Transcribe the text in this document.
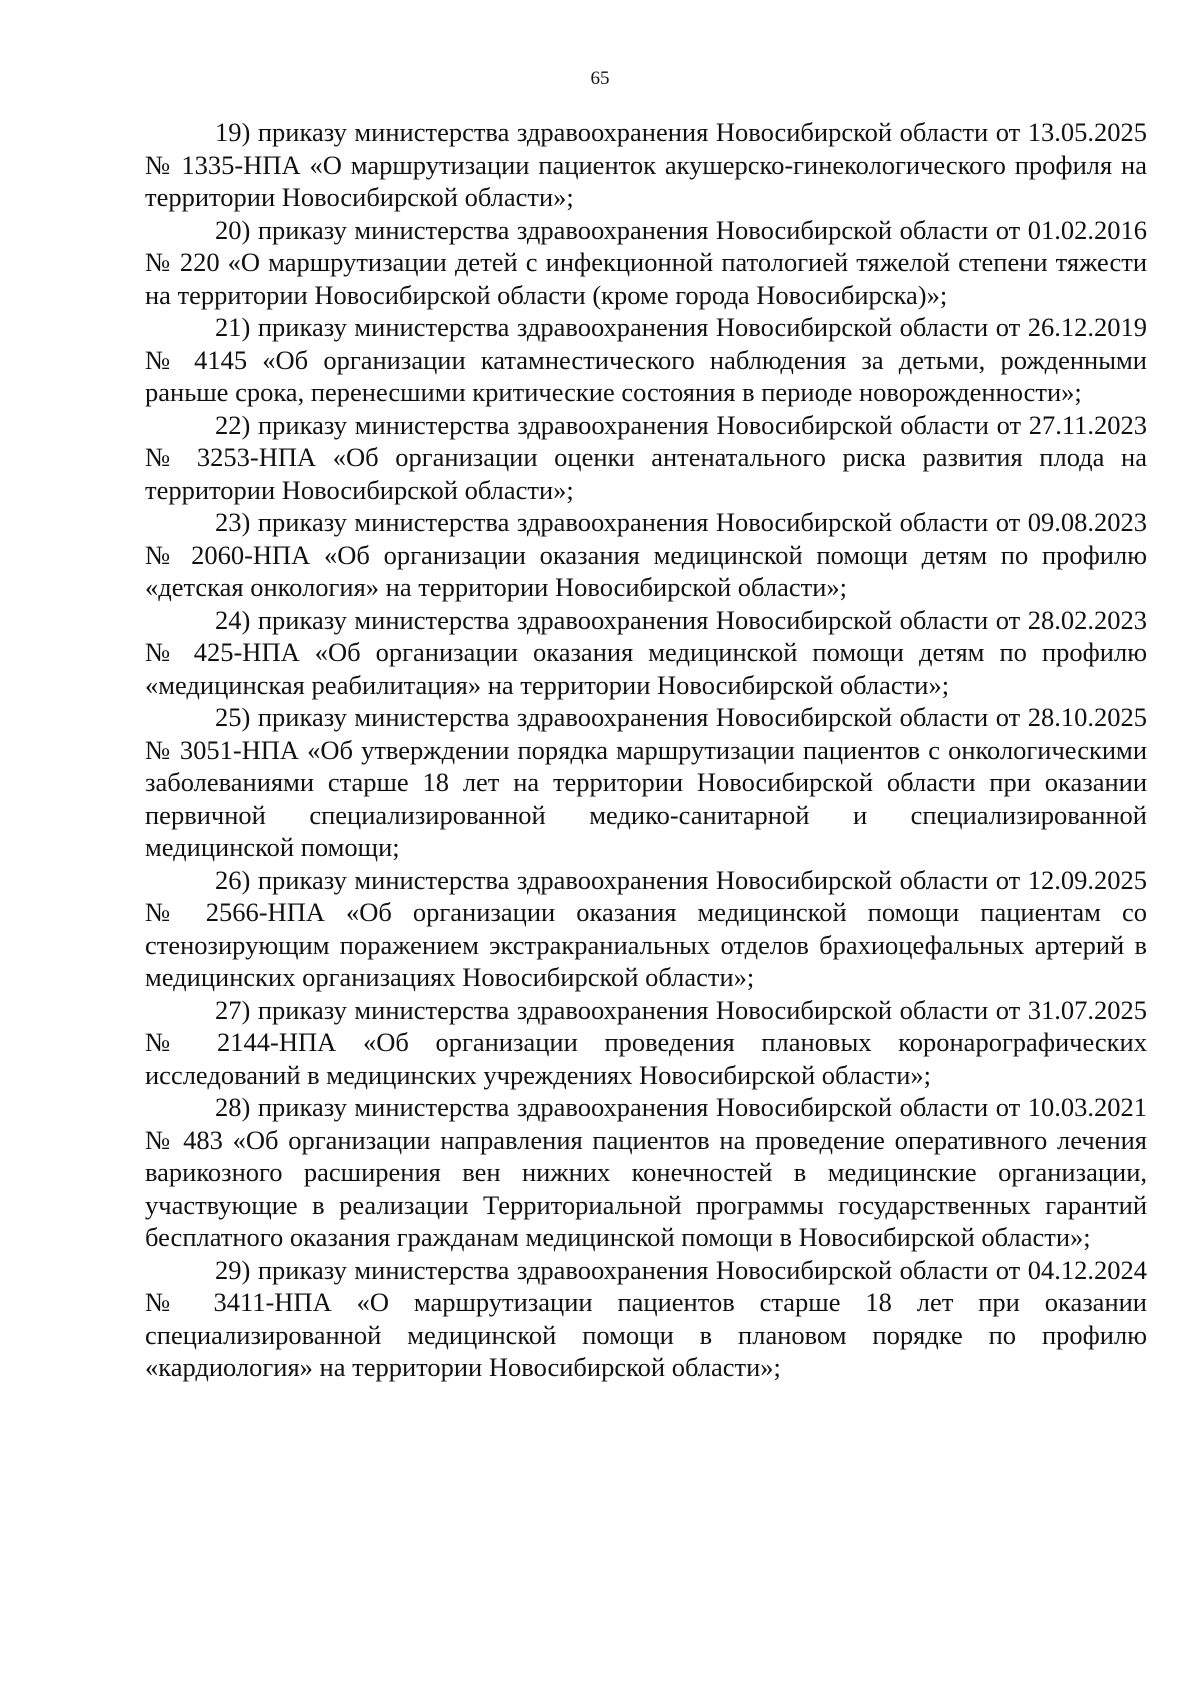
65

19) приказу министерства здравоохранения Новосибирской области от 13.05.2025 № 1335-НПА «О маршрутизации пациенток акушерско-гинекологического профиля на территории Новосибирской области»;

20) приказу министерства здравоохранения Новосибирской области от 01.02.2016 № 220 «О маршрутизации детей с инфекционной патологией тяжелой степени тяжести на территории Новосибирской области (кроме города Новосибирска)»;

21) приказу министерства здравоохранения Новосибирской области от 26.12.2019 № 4145 «Об организации катамнестического наблюдения за детьми, рожденными раньше срока, перенесшими критические состояния в периоде новорожденности»;

22) приказу министерства здравоохранения Новосибирской области от 27.11.2023 № 3253-НПА «Об организации оценки антенатального риска развития плода на территории Новосибирской области»;

23) приказу министерства здравоохранения Новосибирской области от 09.08.2023 № 2060-НПА «Об организации оказания медицинской помощи детям по профилю «детская онкология» на территории Новосибирской области»;

24) приказу министерства здравоохранения Новосибирской области от 28.02.2023 № 425-НПА «Об организации оказания медицинской помощи детям по профилю «медицинская реабилитация» на территории Новосибирской области»;

25) приказу министерства здравоохранения Новосибирской области от 28.10.2025 № 3051-НПА «Об утверждении порядка маршрутизации пациентов с онкологическими заболеваниями старше 18 лет на территории Новосибирской области при оказании первичной специализированной медико-санитарной и специализированной медицинской помощи;

26) приказу министерства здравоохранения Новосибирской области от 12.09.2025 № 2566-НПА «Об организации оказания медицинской помощи пациентам со стенозирующим поражением экстракраниальных отделов брахиоцефальных артерий в медицинских организациях Новосибирской области»;

27) приказу министерства здравоохранения Новосибирской области от 31.07.2025 № 2144-НПА «Об организации проведения плановых коронарографических исследований в медицинских учреждениях Новосибирской области»;

28) приказу министерства здравоохранения Новосибирской области от 10.03.2021 № 483 «Об организации направления пациентов на проведение оперативного лечения варикозного расширения вен нижних конечностей в медицинские организации, участвующие в реализации Территориальной программы государственных гарантий бесплатного оказания гражданам медицинской помощи в Новосибирской области»;

29) приказу министерства здравоохранения Новосибирской области от 04.12.2024 № 3411-НПА «О маршрутизации пациентов старше 18 лет при оказании специализированной медицинской помощи в плановом порядке по профилю «кардиология» на территории Новосибирской области»;
